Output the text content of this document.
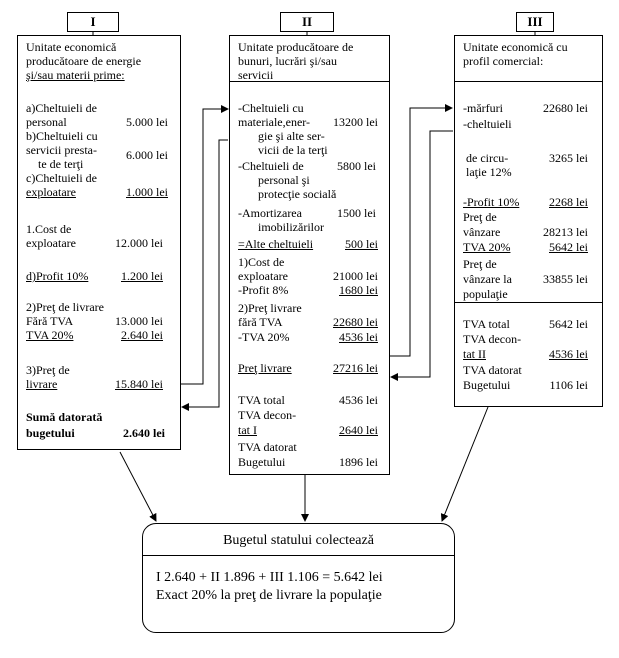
I	II	III
Unitate economică
producătoare de energie
şi/sau materii prime:
a)Cheltuieli de
personal	5.000 lei
b)Cheltuieli cu
servicii presta-	6.000 lei
te de terţi
c)Cheltuieli de
exploatare	1.000 lei
1.Cost de
exploatare	12.000 lei
d)Profit 10%	1.200 lei
2)Preţ de livrare
Fără TVA	13.000 lei
TVA 20%	2.640 lei
3)Preţ de
livrare	15.840 lei
Sumă datorată
bugetului	2.640 lei
Unitate producătoare de
bunuri, lucrări şi/sau
servicii
-Cheltuieli cu
materiale,ener-	13200 lei
gie şi alte ser-
vicii de la terţi
-Cheltuieli de	5800 lei
personal şi
protecţie socială
-Amortizarea	1500 lei
imobilizărilor
=Alte cheltuieli	500 lei
1)Cost de
exploatare	21000 lei
-Profit 8%	1680 lei
2)Preţ livrare
fără TVA	22680 lei
-TVA 20%	4536 lei
Preţ livrare	27216 lei
TVA total	4536 lei
TVA decon-
tat I	2640 lei
TVA datorat
Bugetului	1896 lei
Unitate economică cu
profil comercial:
-mărfuri	22680 lei
-cheltuieli
de circu-	3265 lei
laţie 12%
-Profit 10%	2268 lei
Preţ de
vânzare	28213 lei
TVA 20%	5642 lei
Preţ de
vânzare la	33855 lei
populaţie
TVA total	5642 lei
TVA decon-
tat II	4536 lei
TVA datorat
Bugetului	1106 lei
Bugetul statului colectează
I 2.640 + II 1.896 + III 1.106 = 5.642 lei
Exact 20% la preţ de livrare la populaţie
